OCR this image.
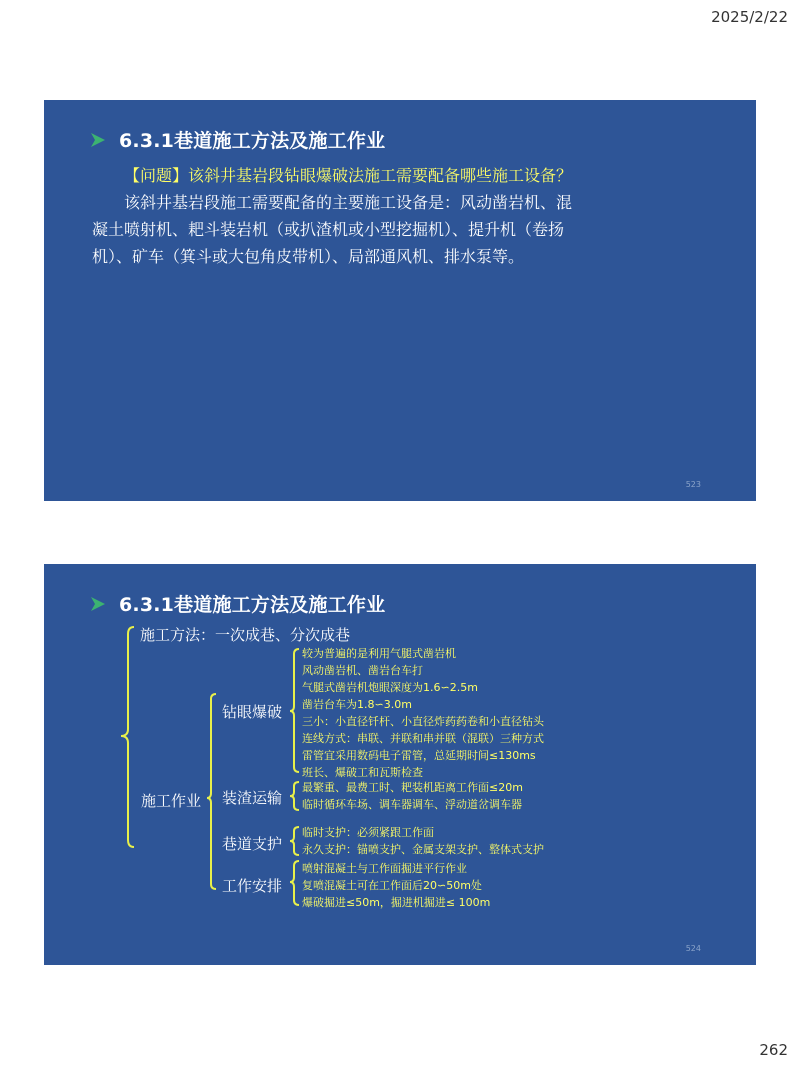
2025/2/22
6.3.1巷道施工方法及施工作业

【问题】该斜井基岩段钻眼爆破法施工需要配备哪些施工设备？

该斜井基岩段施工需要配备的主要施工设备是：风动凿岩机、混凝土喷射机、耙斗装岩机（或扒渣机或小型挖掘机）、提升机（卷扬机）、矿车（箕斗或大包角皮带机）、局部通风机、排水泵等。

523
6.3.1巷道施工方法及施工作业
施工方法：一次成巷、分次成巷
施工作业
钻眼爆破
较为普遍的是利用气腿式凿岩机
风动凿岩机、凿岩台车打
气腿式凿岩机炮眼深度为1.6∽2.5m
凿岩台车为1.8∽3.0m
三小：小直径钎杆、小直径炸药药卷和小直径钻头
连线方式：串联、并联和串并联（混联）三种方式
雷管宜采用数码电子雷管，总延期时间≤130ms
班长、爆破工和瓦斯检查
装渣运输
最繁重、最费工时、耙装机距离工作面≤20m
临时循环车场、调车器调车、浮动道岔调车器
巷道支护
临时支护：必须紧跟工作面
永久支护：锚喷支护、金属支架支护、整体式支护
工作安排
喷射混凝土与工作面掘进平行作业
复喷混凝土可在工作面后20∽50m处
爆破掘进≤50m，掘进机掘进≤ 100m
524
262
